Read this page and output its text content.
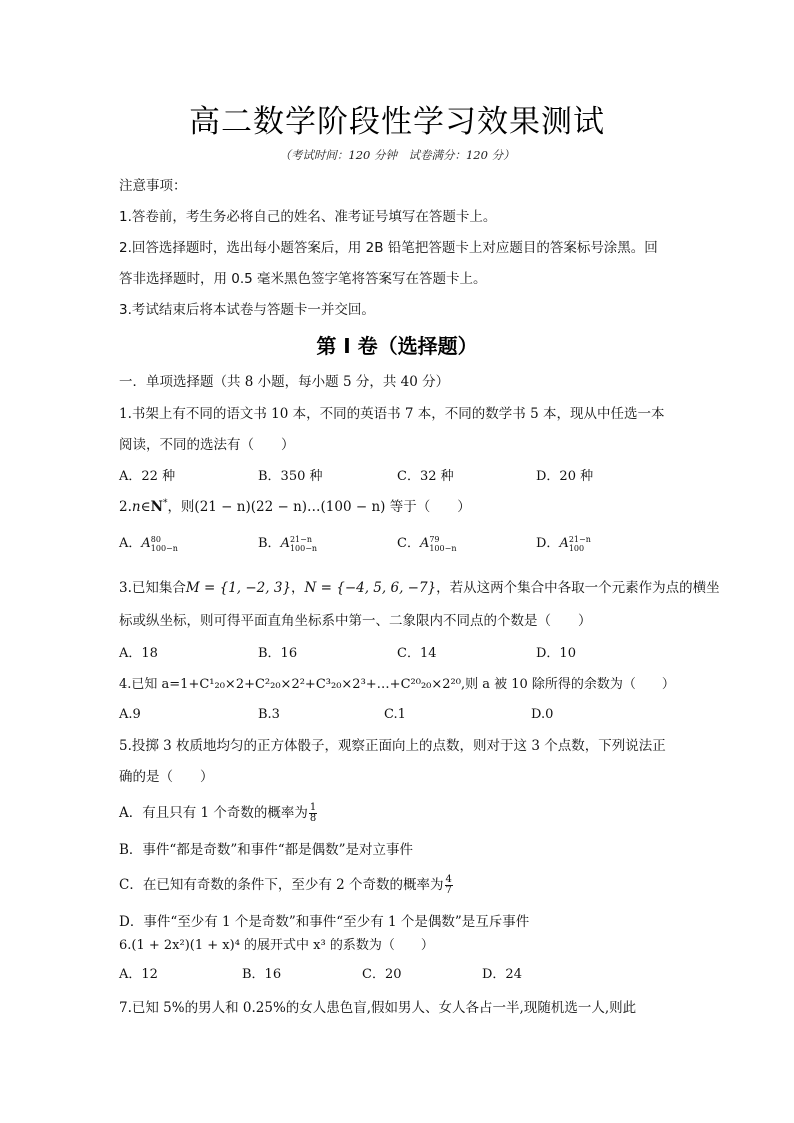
高二数学阶段性学习效果测试
（考试时间：120 分钟　试卷满分：120 分）
注意事项：
1.答卷前，考生务必将自己的姓名、准考证号填写在答题卡上。
2.回答选择题时，选出每小题答案后，用 2B 铅笔把答题卡上对应题目的答案标号涂黑。回
答非选择题时，用 0.5 毫米黑色签字笔将答案写在答题卡上。
3.考试结束后将本试卷与答题卡一并交回。
第 I 卷（选择题）
一．单项选择题（共 8 小题，每小题 5 分，共 40 分）
1.书架上有不同的语文书 10 本，不同的英语书 7 本，不同的数学书 5 本，现从中任选一本
阅读，不同的选法有（　　）
A．22 种	B．350 种	C．32 种	D．20 种
2.n∈N*，则(21 − n)(22 − n)…(100 − n) 等于（　　）
A．A 80
100−n	B．A 21−n
100−n	C．A 79
100−n	D．A 21−n
100
3.已知集合M = {1, −2, 3}，N = {−4, 5, 6, −7}，若从这两个集合中各取一个元素作为点的横坐
标或纵坐标，则可得平面直角坐标系中第一、二象限内不同点的个数是（　　）
A．18	B．16	C．14	D．10
4.已知 a=1+C¹₂₀×2+C²₂₀×2²+C³₂₀×2³+…+C²⁰₂₀×2²⁰,则 a 被 10 除所得的余数为（　　）
A.9	B.3	C.1	D.0
5.投掷 3 枚质地均匀的正方体骰子，观察正面向上的点数，则对于这 3 个点数，下列说法正
确的是（　　）
A．有且只有 1 个奇数的概率为 $\frac{1}{8}$
B．事件“都是奇数”和事件“都是偶数”是对立事件
C．在已知有奇数的条件下，至少有 2 个奇数的概率为 $\frac{4}{7}$
D．事件“至少有 1 个是奇数”和事件“至少有 1 个是偶数”是互斥事件
6.(1 + 2x²)(1 + x)⁴ 的展开式中 x³ 的系数为（　　）
A．12	B．16	C．20	D．24
7.已知 5%的男人和 0.25%的女人患色盲,假如男人、女人各占一半,现随机选一人,则此
